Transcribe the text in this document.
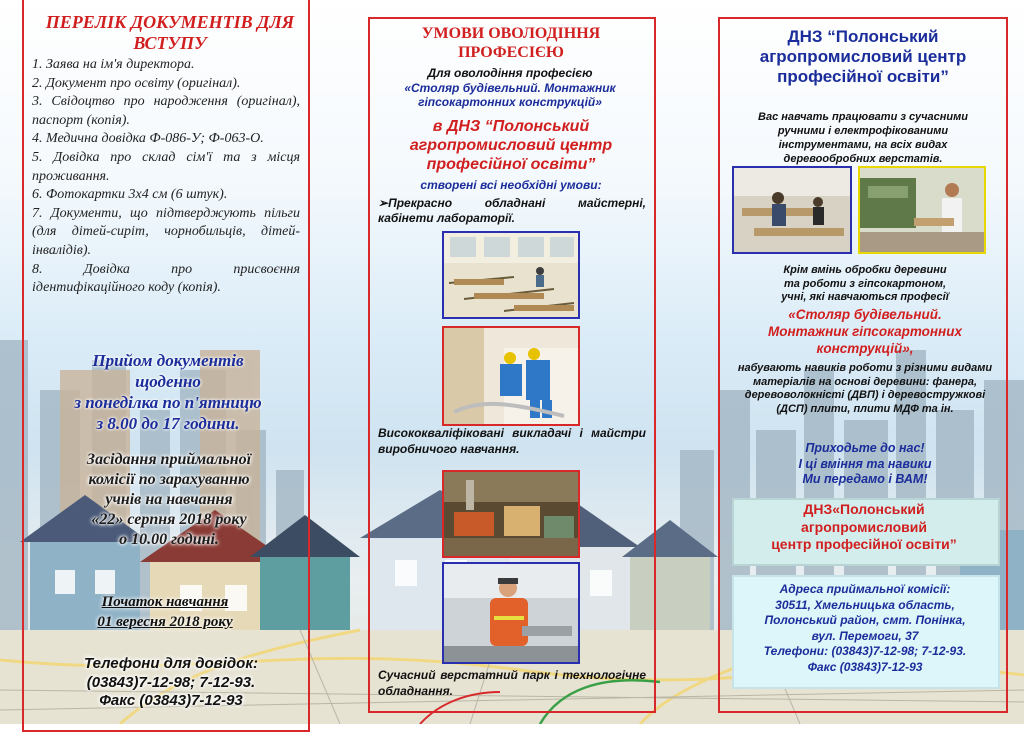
ПЕРЕЛІК ДОКУМЕНТІВ ДЛЯ ВСТУПУ
1. Заява на ім'я директора.
2. Документ про освіту (оригінал).
3. Свідоцтво про народження (оригінал), паспорт (копія).
4. Медична довідка Ф-086-У; Ф-063-О.
5. Довідка про склад сім'ї та з місця проживання.
6. Фотокартки 3х4 см (6 штук).
7. Документи, що підтверджують пільги (для дітей-сиріт, чорнобильців, дітей-інвалідів).
8. Довідка про присвоєння ідентифікаційного коду (копія).
Прийом документів
щоденно
з понеділка по п'ятницю
з 8.00 до 17 години.
Засідання приймальної
комісії по зарахуванню
учнів на навчання
«22» серпня 2018 року
о 10.00 годині.
Початок навчання
01 вересня 2018 року
Телефони для довідок:
(03843)7-12-98; 7-12-93.
Факс (03843)7-12-93
УМОВИ ОВОЛОДІННЯ
ПРОФЕСІЄЮ
Для оволодіння професією
«Столяр будівельний. Монтажник
гіпсокартонних конструкцій»
в ДНЗ “Полонський
агропромисловий центр
професійної освіти”
створені всі необхідні умови:
➢Прекрасно обладнані майстерні, кабінети лабораторії.
Висококваліфіковані викладачі і майстри виробничого навчання.
Сучасний верстатний парк і технологічне обладнання.
ДНЗ “Полонський
агропромисловий центр
професійної освіти”
Вас навчать працювати з сучасними ручними і електрофікованими інструментами, на всіх видах деревообробних верстатів.
Крім вмінь обробки деревини
та роботи з гіпсокартоном,
учні, які навчаються професії
«Столяр будівельний.
Монтажник гіпсокартонних
конструкцій»,
набувають навиків роботи з різними видами матеріалів на основі деревини: фанера, деревоволокністі (ДВП) і деревостружкові (ДСП) плити, плити МДФ та ін.
Приходьте до нас!
І ці вміння та навики
Ми передамо і ВАМ!
ДНЗ«Полонський
агропромисловий
центр професійної освіти”
Адреса приймальної комісії:
30511, Хмельницька область,
Полонський район, смт. Понінка,
вул. Перемоги, 37
Телефони: (03843)7-12-98; 7-12-93.
Факс (03843)7-12-93
